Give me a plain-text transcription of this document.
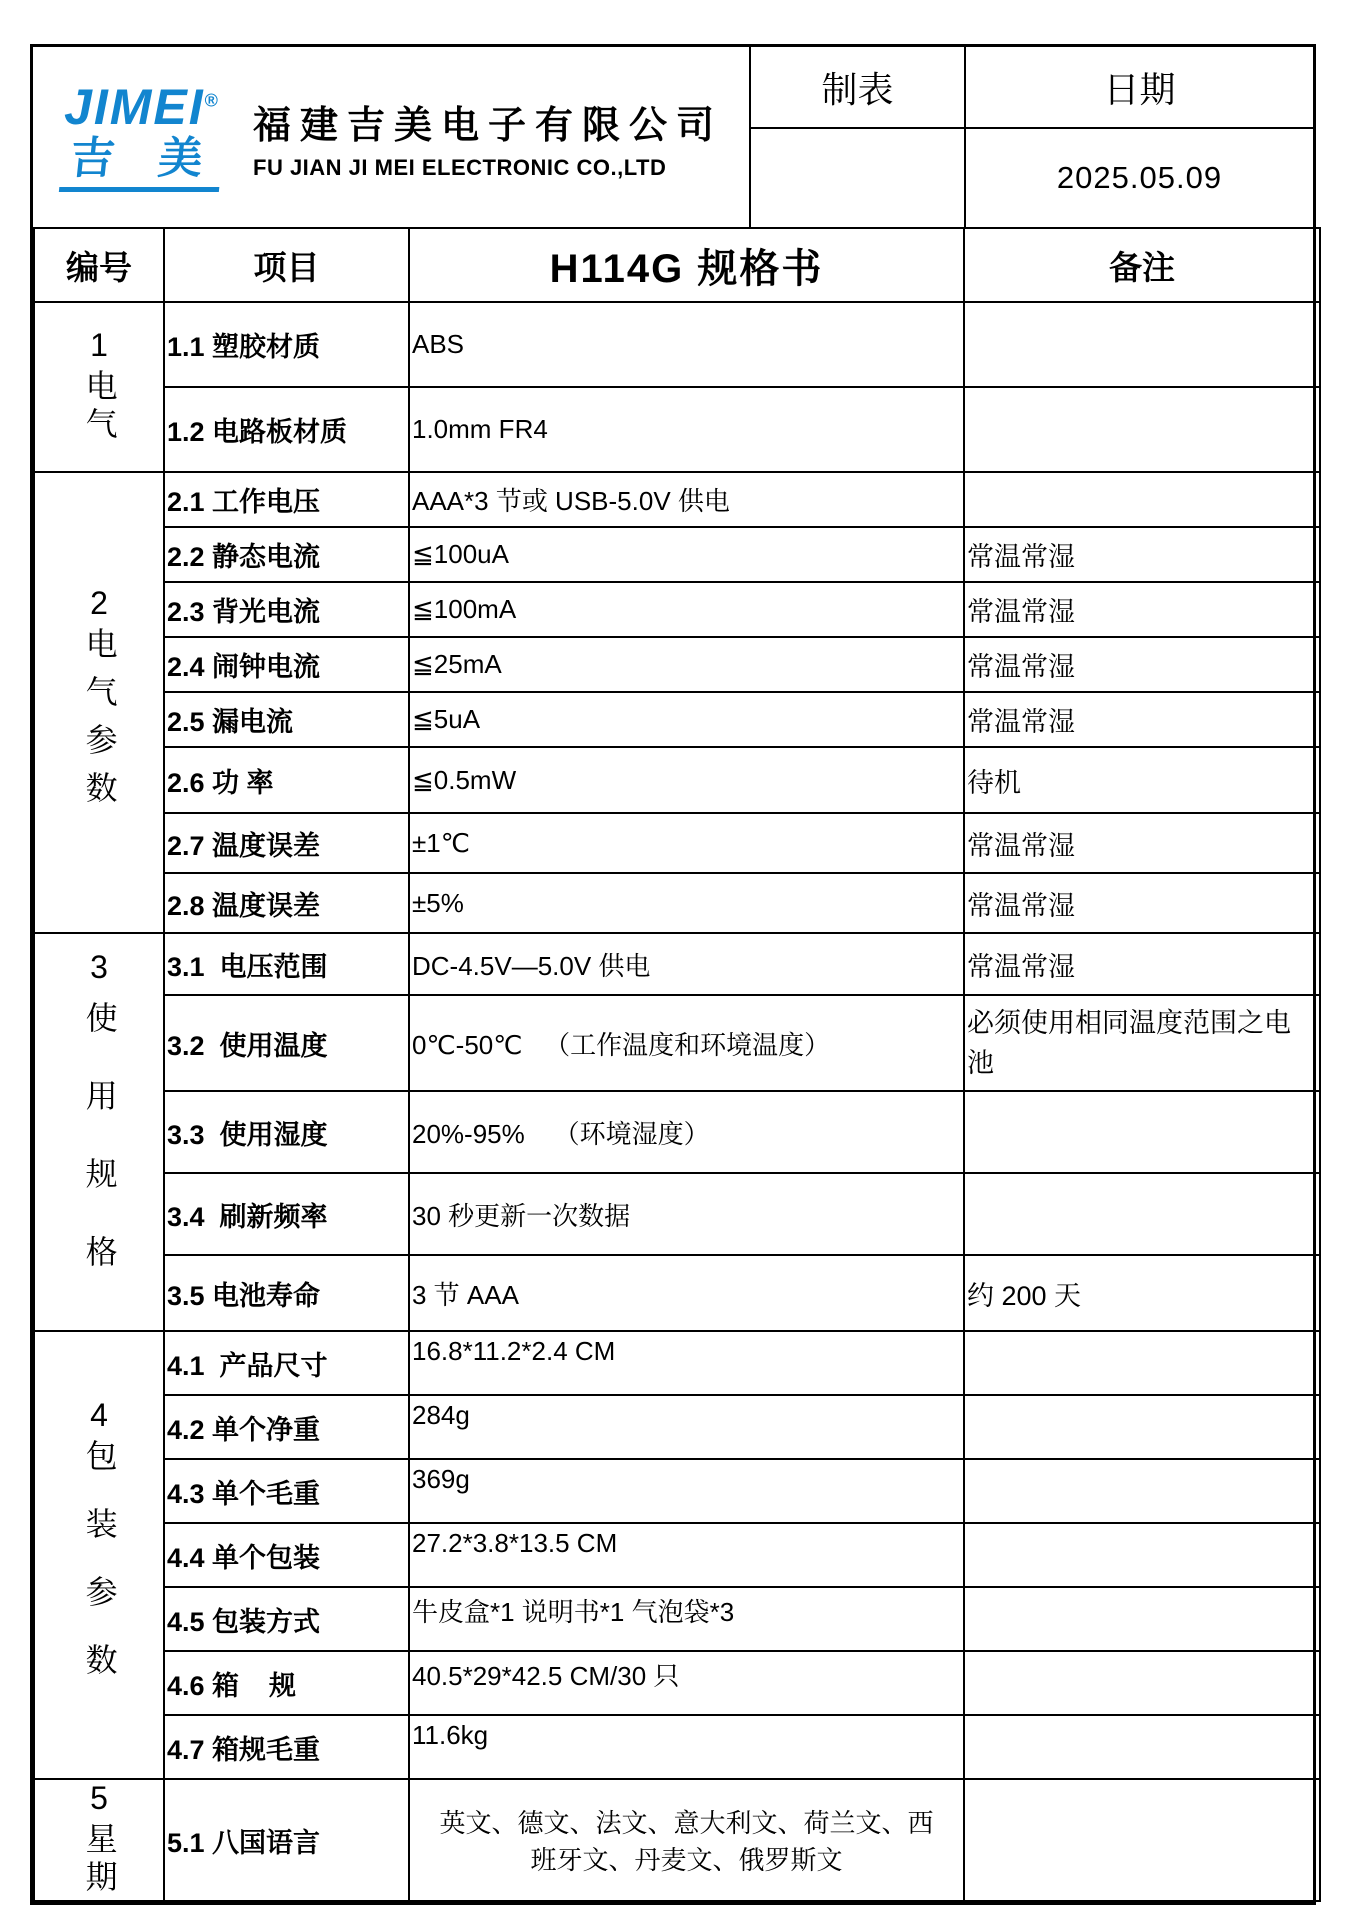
JIMEI®
吉 美
福建吉美电子有限公司
FU JIAN JI MEI ELECTRONIC CO.,LTD
制表	日期
2025.05.09
编号	项目	H114G 规格书	备注

1
电气	1.1 塑胶材质	ABS	
	1.2 电路板材质	1.0mm FR4	

2
电气参数	2.1 工作电压	AAA*3 节或 USB-5.0V 供电	
	2.2 静态电流	≦100uA	常温常湿
	2.3 背光电流	≦100mA	常温常湿
	2.4 闹钟电流	≦25mA	常温常湿
	2.5 漏电流	≦5uA	常温常湿
	2.6 功 率	≦0.5mW	待机
	2.7 温度误差	±1℃	常温常湿
	2.8 温度误差	±5%	常温常湿

3
使用规格	3.1  电压范围	DC-4.5V—5.0V 供电	常温常湿
	3.2  使用温度	0℃-50℃   （工作温度和环境温度）	必须使用相同温度范围之电池
	3.3  使用湿度	20%-95%    （环境湿度）	
	3.4  刷新频率	30 秒更新一次数据	
	3.5 电池寿命	3 节 AAA	约 200 天

4
包装参数	4.1  产品尺寸	16.8*11.2*2.4 CM	
	4.2 单个净重	284g	
	4.3 单个毛重	369g	
	4.4 单个包装	27.2*3.8*13.5 CM	
	4.5 包装方式	牛皮盒*1 说明书*1 气泡袋*3	
	4.6 箱    规	40.5*29*42.5 CM/30 只	
	4.7 箱规毛重	11.6kg	

5
星期	5.1 八国语言	英文、德文、法文、意大利文、荷兰文、西班牙文、丹麦文、俄罗斯文	
